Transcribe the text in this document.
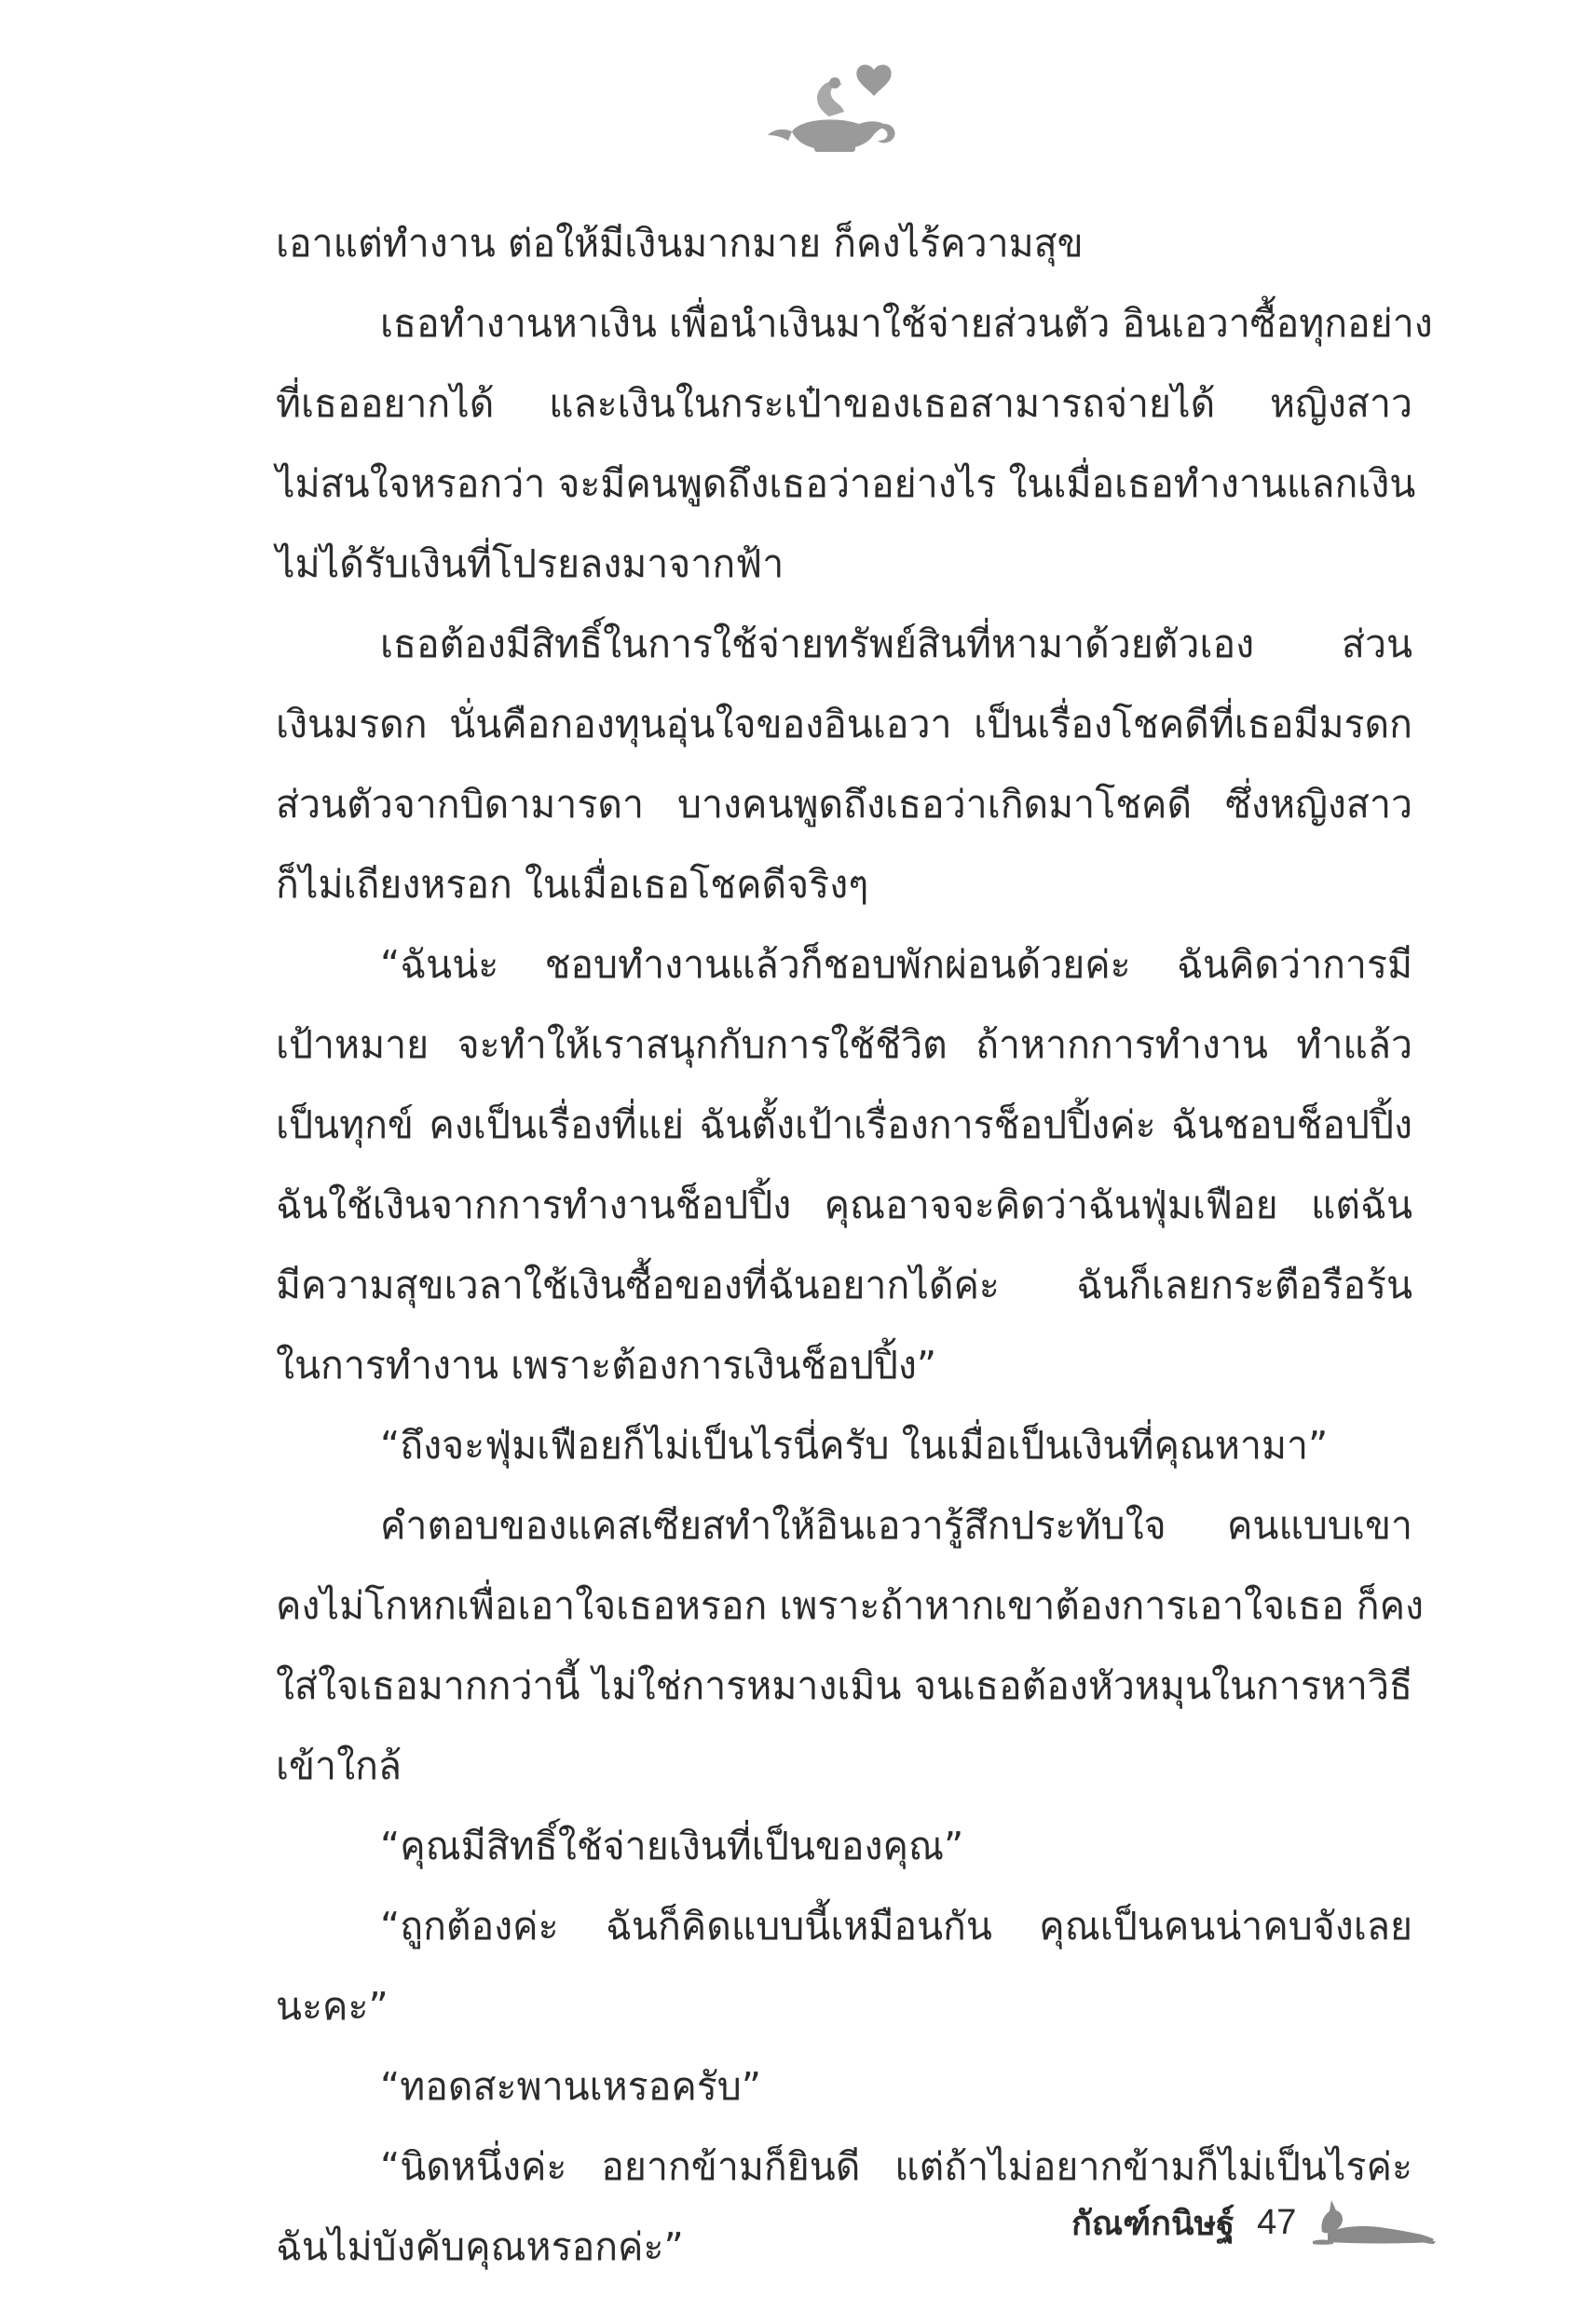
เอาแต่ทำงาน ต่อให้มีเงินมากมาย ก็คงไร้ความสุข
เธอทำงานหาเงิน เพื่อนำเงินมาใช้จ่ายส่วนตัว อินเอวาซื้อทุกอย่าง
ที่เธออยากได้ และเงินในกระเป๋าของเธอสามารถจ่ายได้ หญิงสาว
ไม่สนใจหรอกว่า จะมีคนพูดถึงเธอว่าอย่างไร ในเมื่อเธอทำงานแลกเงิน
ไม่ได้รับเงินที่โปรยลงมาจากฟ้า
เธอต้องมีสิทธิ์ในการใช้จ่ายทรัพย์สินที่หามาด้วยตัวเอง ส่วน
เงินมรดก นั่นคือกองทุนอุ่นใจของอินเอวา เป็นเรื่องโชคดีที่เธอมีมรดก
ส่วนตัวจากบิดามารดา บางคนพูดถึงเธอว่าเกิดมาโชคดี ซึ่งหญิงสาว
ก็ไม่เถียงหรอก ในเมื่อเธอโชคดีจริงๆ
“ฉันน่ะ ชอบทำงานแล้วก็ชอบพักผ่อนด้วยค่ะ ฉันคิดว่าการมี
เป้าหมาย จะทำให้เราสนุกกับการใช้ชีวิต ถ้าหากการทำงาน ทำแล้ว
เป็นทุกข์ คงเป็นเรื่องที่แย่ ฉันตั้งเป้าเรื่องการช็อปปิ้งค่ะ ฉันชอบช็อปปิ้ง
ฉันใช้เงินจากการทำงานช็อปปิ้ง คุณอาจจะคิดว่าฉันฟุ่มเฟือย แต่ฉัน
มีความสุขเวลาใช้เงินซื้อของที่ฉันอยากได้ค่ะ ฉันก็เลยกระตือรือร้น
ในการทำงาน เพราะต้องการเงินช็อปปิ้ง”
“ถึงจะฟุ่มเฟือยก็ไม่เป็นไรนี่ครับ ในเมื่อเป็นเงินที่คุณหามา”
คำตอบของแคสเซียสทำให้อินเอวารู้สึกประทับใจ คนแบบเขา
คงไม่โกหกเพื่อเอาใจเธอหรอก เพราะถ้าหากเขาต้องการเอาใจเธอ ก็คง
ใส่ใจเธอมากกว่านี้ ไม่ใช่การหมางเมิน จนเธอต้องหัวหมุนในการหาวิธี
เข้าใกล้
“คุณมีสิทธิ์ใช้จ่ายเงินที่เป็นของคุณ”
“ถูกต้องค่ะ ฉันก็คิดแบบนี้เหมือนกัน คุณเป็นคนน่าคบจังเลย
นะคะ”
“ทอดสะพานเหรอครับ”
“นิดหนึ่งค่ะ อยากข้ามก็ยินดี แต่ถ้าไม่อยากข้ามก็ไม่เป็นไรค่ะ
ฉันไม่บังคับคุณหรอกค่ะ”
กัณฑ์กนิษฐ์ 47
